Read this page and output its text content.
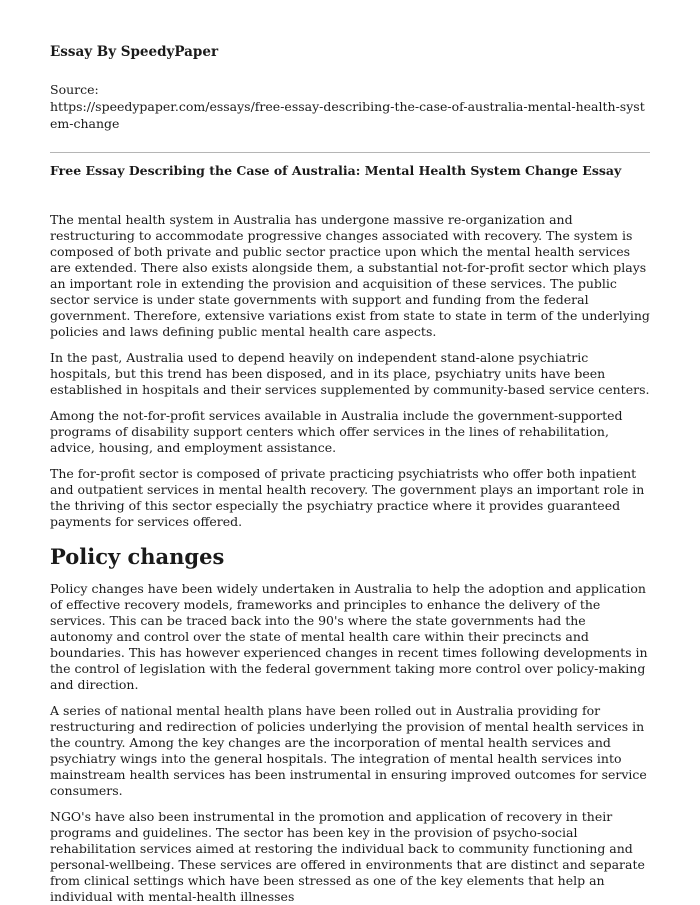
Essay By SpeedyPaper

Source:

https://speedypaper.com/essays/free-essay-describing-the-case-of-australia-mental-health-system-change

Free Essay Describing the Case of Australia: Mental Health System Change Essay

The mental health system in Australia has undergone massive re-organization and restructuring to accommodate progressive changes associated with recovery. The system is composed of both private and public sector practice upon which the mental health services are extended. There also exists alongside them, a substantial not-for-profit sector which plays an important role in extending the provision and acquisition of these services. The public sector service is under state governments with support and funding from the federal government. Therefore, extensive variations exist from state to state in term of the underlying policies and laws defining public mental health care aspects.

In the past, Australia used to depend heavily on independent stand-alone psychiatric hospitals, but this trend has been disposed, and in its place, psychiatry units have been established in hospitals and their services supplemented by community-based service centers.

Among the not-for-profit services available in Australia include the government-supported programs of disability support centers which offer services in the lines of rehabilitation, advice, housing, and employment assistance.

The for-profit sector is composed of private practicing psychiatrists who offer both inpatient and outpatient services in mental health recovery. The government plays an important role in the thriving of this sector especially the psychiatry practice where it provides guaranteed payments for services offered.

Policy changes

Policy changes have been widely undertaken in Australia to help the adoption and application of effective recovery models, frameworks and principles to enhance the delivery of the services. This can be traced back into the 90's where the state governments had the autonomy and control over the state of mental health care within their precincts and boundaries. This has however experienced changes in recent times following developments in the control of legislation with the federal government taking more control over policy-making and direction.

A series of national mental health plans have been rolled out in Australia providing for restructuring and redirection of policies underlying the provision of mental health services in the country. Among the key changes are the incorporation of mental health services and psychiatry wings into the general hospitals. The integration of mental health services into mainstream health services has been instrumental in ensuring improved outcomes for service consumers.

NGO's have also been instrumental in the promotion and application of recovery in their programs and guidelines. The sector has been key in the provision of psycho-social rehabilitation services aimed at restoring the individual back to community functioning and personal-wellbeing. These services are offered in environments that are distinct and separate from clinical settings which have been stressed as one of the key elements that help an individual with mental-health illnesses
